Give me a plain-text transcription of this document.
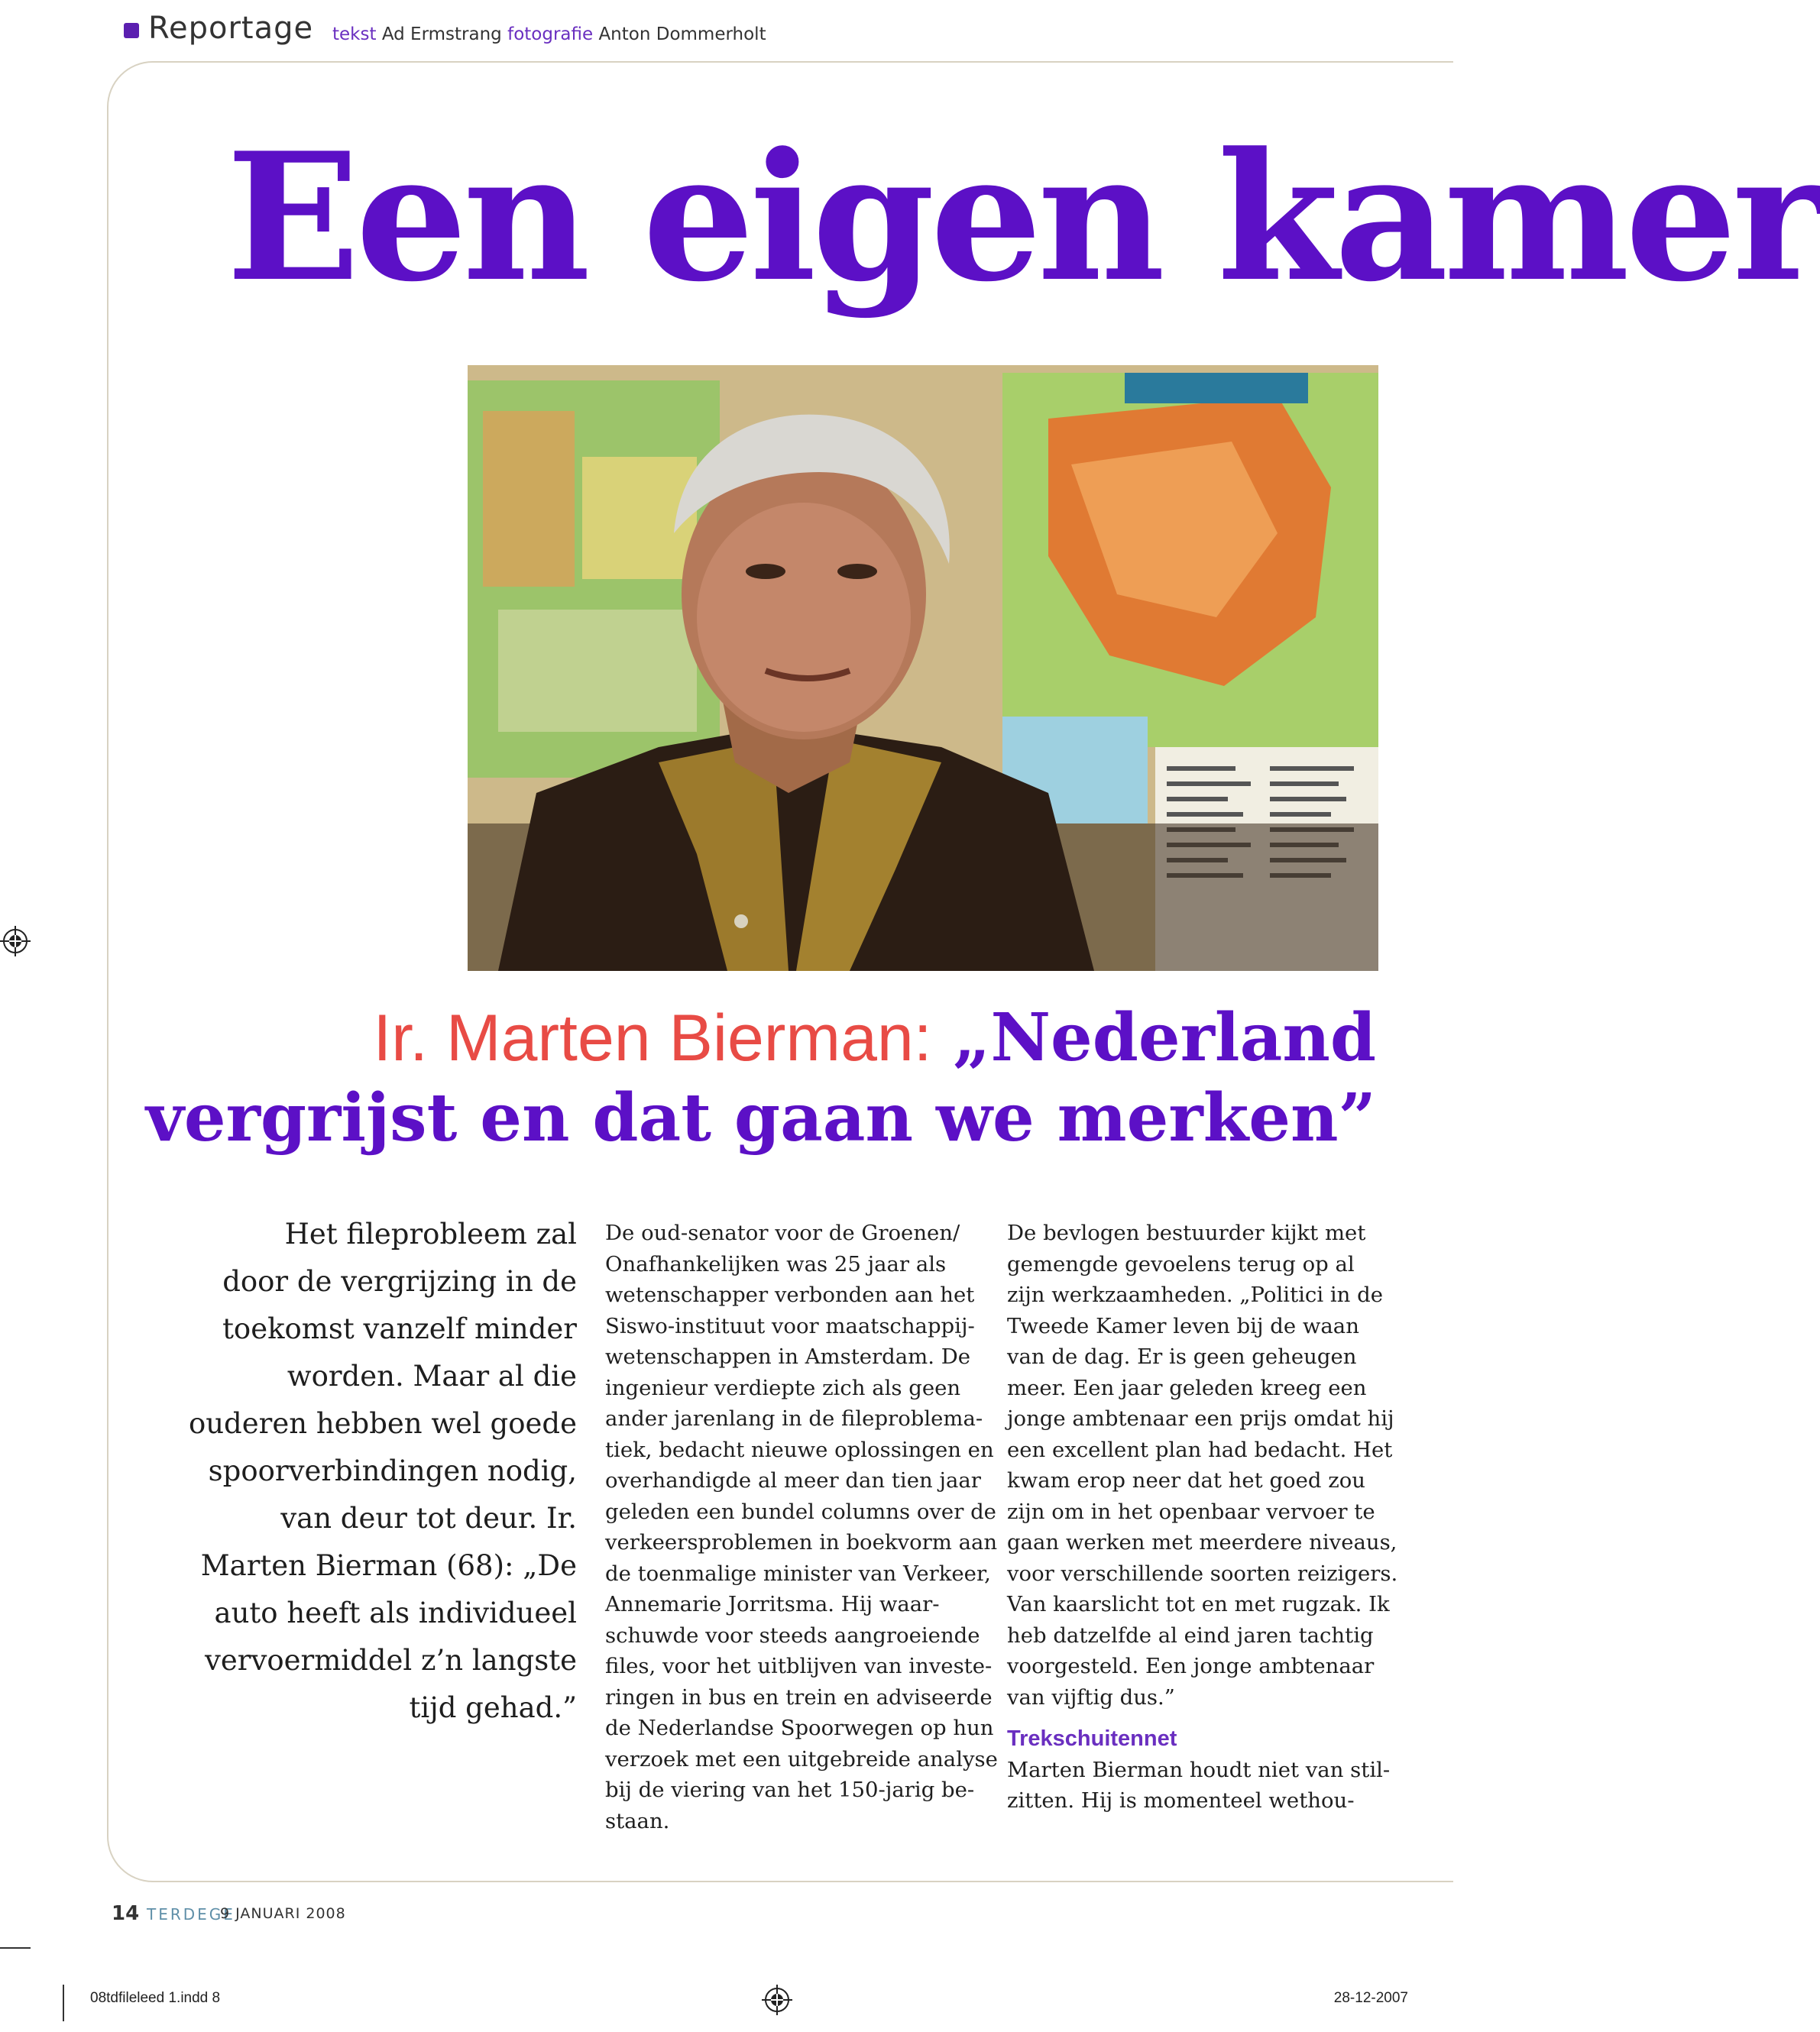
Reportage tekst Ad Ermstrang fotografie Anton Dommerholt
Een eigen kamer
Ir. Marten Bierman: „Nederland
vergrijst en dat gaan we merken”
Het fileprobleem zal
door de vergrijzing in de
toekomst vanzelf minder
worden. Maar al die
ouderen hebben wel goede
spoorverbindingen nodig,
van deur tot deur. Ir.
Marten Bierman (68): „De
auto heeft als individueel
vervoermiddel z’n langste
tijd gehad.”
De oud-senator voor de Groenen/
Onafhankelijken was 25 jaar als
wetenschapper verbonden aan het
Siswo-instituut voor maatschappij-
wetenschappen in Amsterdam. De
ingenieur verdiepte zich als geen
ander jarenlang in de fileproblema-
tiek, bedacht nieuwe oplossingen en
overhandigde al meer dan tien jaar
geleden een bundel columns over de
verkeersproblemen in boekvorm aan
de toenmalige minister van Verkeer,
Annemarie Jorritsma. Hij waar-
schuwde voor steeds aangroeiende
files, voor het uitblijven van investe-
ringen in bus en trein en adviseerde
de Nederlandse Spoorwegen op hun
verzoek met een uitgebreide analyse
bij de viering van het 150-jarig be-
staan.
De bevlogen bestuurder kijkt met
gemengde gevoelens terug op al
zijn werkzaamheden. „Politici in de
Tweede Kamer leven bij de waan
van de dag. Er is geen geheugen
meer. Een jaar geleden kreeg een
jonge ambtenaar een prijs omdat hij
een excellent plan had bedacht. Het
kwam erop neer dat het goed zou
zijn om in het openbaar vervoer te
gaan werken met meerdere niveaus,
voor verschillende soorten reizigers.
Van kaarslicht tot en met rugzak. Ik
heb datzelfde al eind jaren tachtig
voorgesteld. Een jonge ambtenaar
van vijftig dus.”
Trekschuitennet
Marten Bierman houdt niet van stil-
zitten. Hij is momenteel wethou-
14 TERDEGE
9 JANUARI 2008
08tdfileleed 1.indd 8	28-12-2007
